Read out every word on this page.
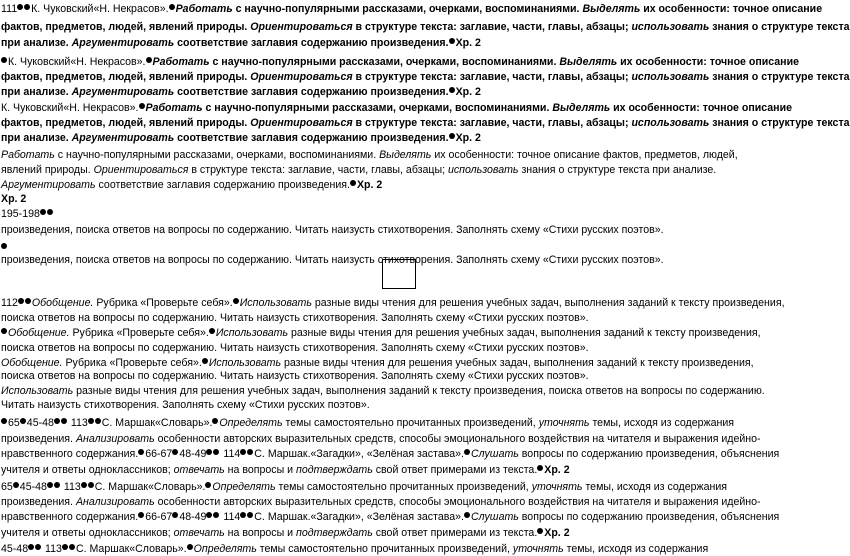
111 К. Чуковский«Н. Некрасов». Работать с научно-популярными рассказами, очерками, воспоминаниями. Выделять их особенности: точное описание
фактов, предметов, людей, явлений природы. Ориентироваться в структуре текста: заглавие, части, главы, абзацы; использовать знания о структуре текста
при анализе. Аргументировать соответствие заглавия содержанию произведения. Хр. 2
К. Чуковский«Н. Некрасов». Работать с научно-популярными рассказами, очерками, воспоминаниями. Выделять их особенности: точное описание
фактов, предметов, людей, явлений природы. Ориентироваться в структуре текста: заглавие, части, главы, абзацы; использовать знания о структуре текста
при анализе. Аргументировать соответствие заглавия содержанию произведения. Хр. 2
К. Чуковский«Н. Некрасов». Работать с научно-популярными рассказами, очерками, воспоминаниями. Выделять их особенности: точное описание
фактов, предметов, людей, явлений природы. Ориентироваться в структуре текста: заглавие, части, главы, абзацы; использовать знания о структуре текста
при анализе. Аргументировать соответствие заглавия содержанию произведения. Хр. 2
Работать с научно-популярными рассказами, очерками, воспоминаниями. Выделять их особенности: точное описание фактов, предметов, людей,
явлений природы. Ориентироваться в структуре текста: заглавие, части, главы, абзацы; использовать знания о структуре текста при анализе.
Аргументировать соответствие заглавия содержанию произведения. Хр. 2
Хр. 2
195-198
произведения, поиска ответов на вопросы по содержанию. Читать наизусть стихотворения. Заполнять схему «Стихи русских поэтов».
произведения, поиска ответов на вопросы по содержанию. Читать наизусть стихотворения. Заполнять схему «Стихи русских поэтов».
112 Обобщение. Рубрика «Проверьте себя». Использовать разные виды чтения для решения учебных задач, выполнения заданий к тексту произведения,
поиска ответов на вопросы по содержанию. Читать наизусть стихотворения. Заполнять схему «Стихи русских поэтов».
Обобщение. Рубрика «Проверьте себя». Использовать разные виды чтения для решения учебных задач, выполнения заданий к тексту произведения,
поиска ответов на вопросы по содержанию. Читать наизусть стихотворения. Заполнять схему «Стихи русских поэтов».
Обобщение. Рубрика «Проверьте себя». Использовать разные виды чтения для решения учебных задач, выполнения заданий к тексту произведения,
поиска ответов на вопросы по содержанию. Читать наизусть стихотворения. Заполнять схему «Стихи русских поэтов».
Использовать разные виды чтения для решения учебных задач, выполнения заданий к тексту произведения, поиска ответов на вопросы по содержанию.
Читать наизусть стихотворения. Заполнять схему «Стихи русских поэтов».
65 45-48 113 С. Маршак«Словарь». Определять темы самостоятельно прочитанных произведений, уточнять темы, исходя из содержания
произведения. Анализировать особенности авторских выразительных средств, способы эмоционального воздействия на читателя и выражения идейно-
нравственного содержания. 66-67 48-49 114 С. Маршак.«Загадки», «Зелёная застава». Слушать вопросы по содержанию произведения, объяснения
учителя и ответы одноклассников; отвечать на вопросы и подтверждать свой ответ примерами из текста. Хр. 2
65 45-48 113 С. Маршак«Словарь». Определять темы самостоятельно прочитанных произведений, уточнять темы, исходя из содержания
произведения. Анализировать особенности авторских выразительных средств, способы эмоционального воздействия на читателя и выражения идейно-
нравственного содержания. 66-67 48-49 114 С. Маршак.«Загадки», «Зелёная застава». Слушать вопросы по содержанию произведения, объяснения
учителя и ответы одноклассников; отвечать на вопросы и подтверждать свой ответ примерами из текста. Хр. 2
45-48 113 С. Маршак«Словарь». Определять темы самостоятельно прочитанных произведений, уточнять темы, исходя из содержания
